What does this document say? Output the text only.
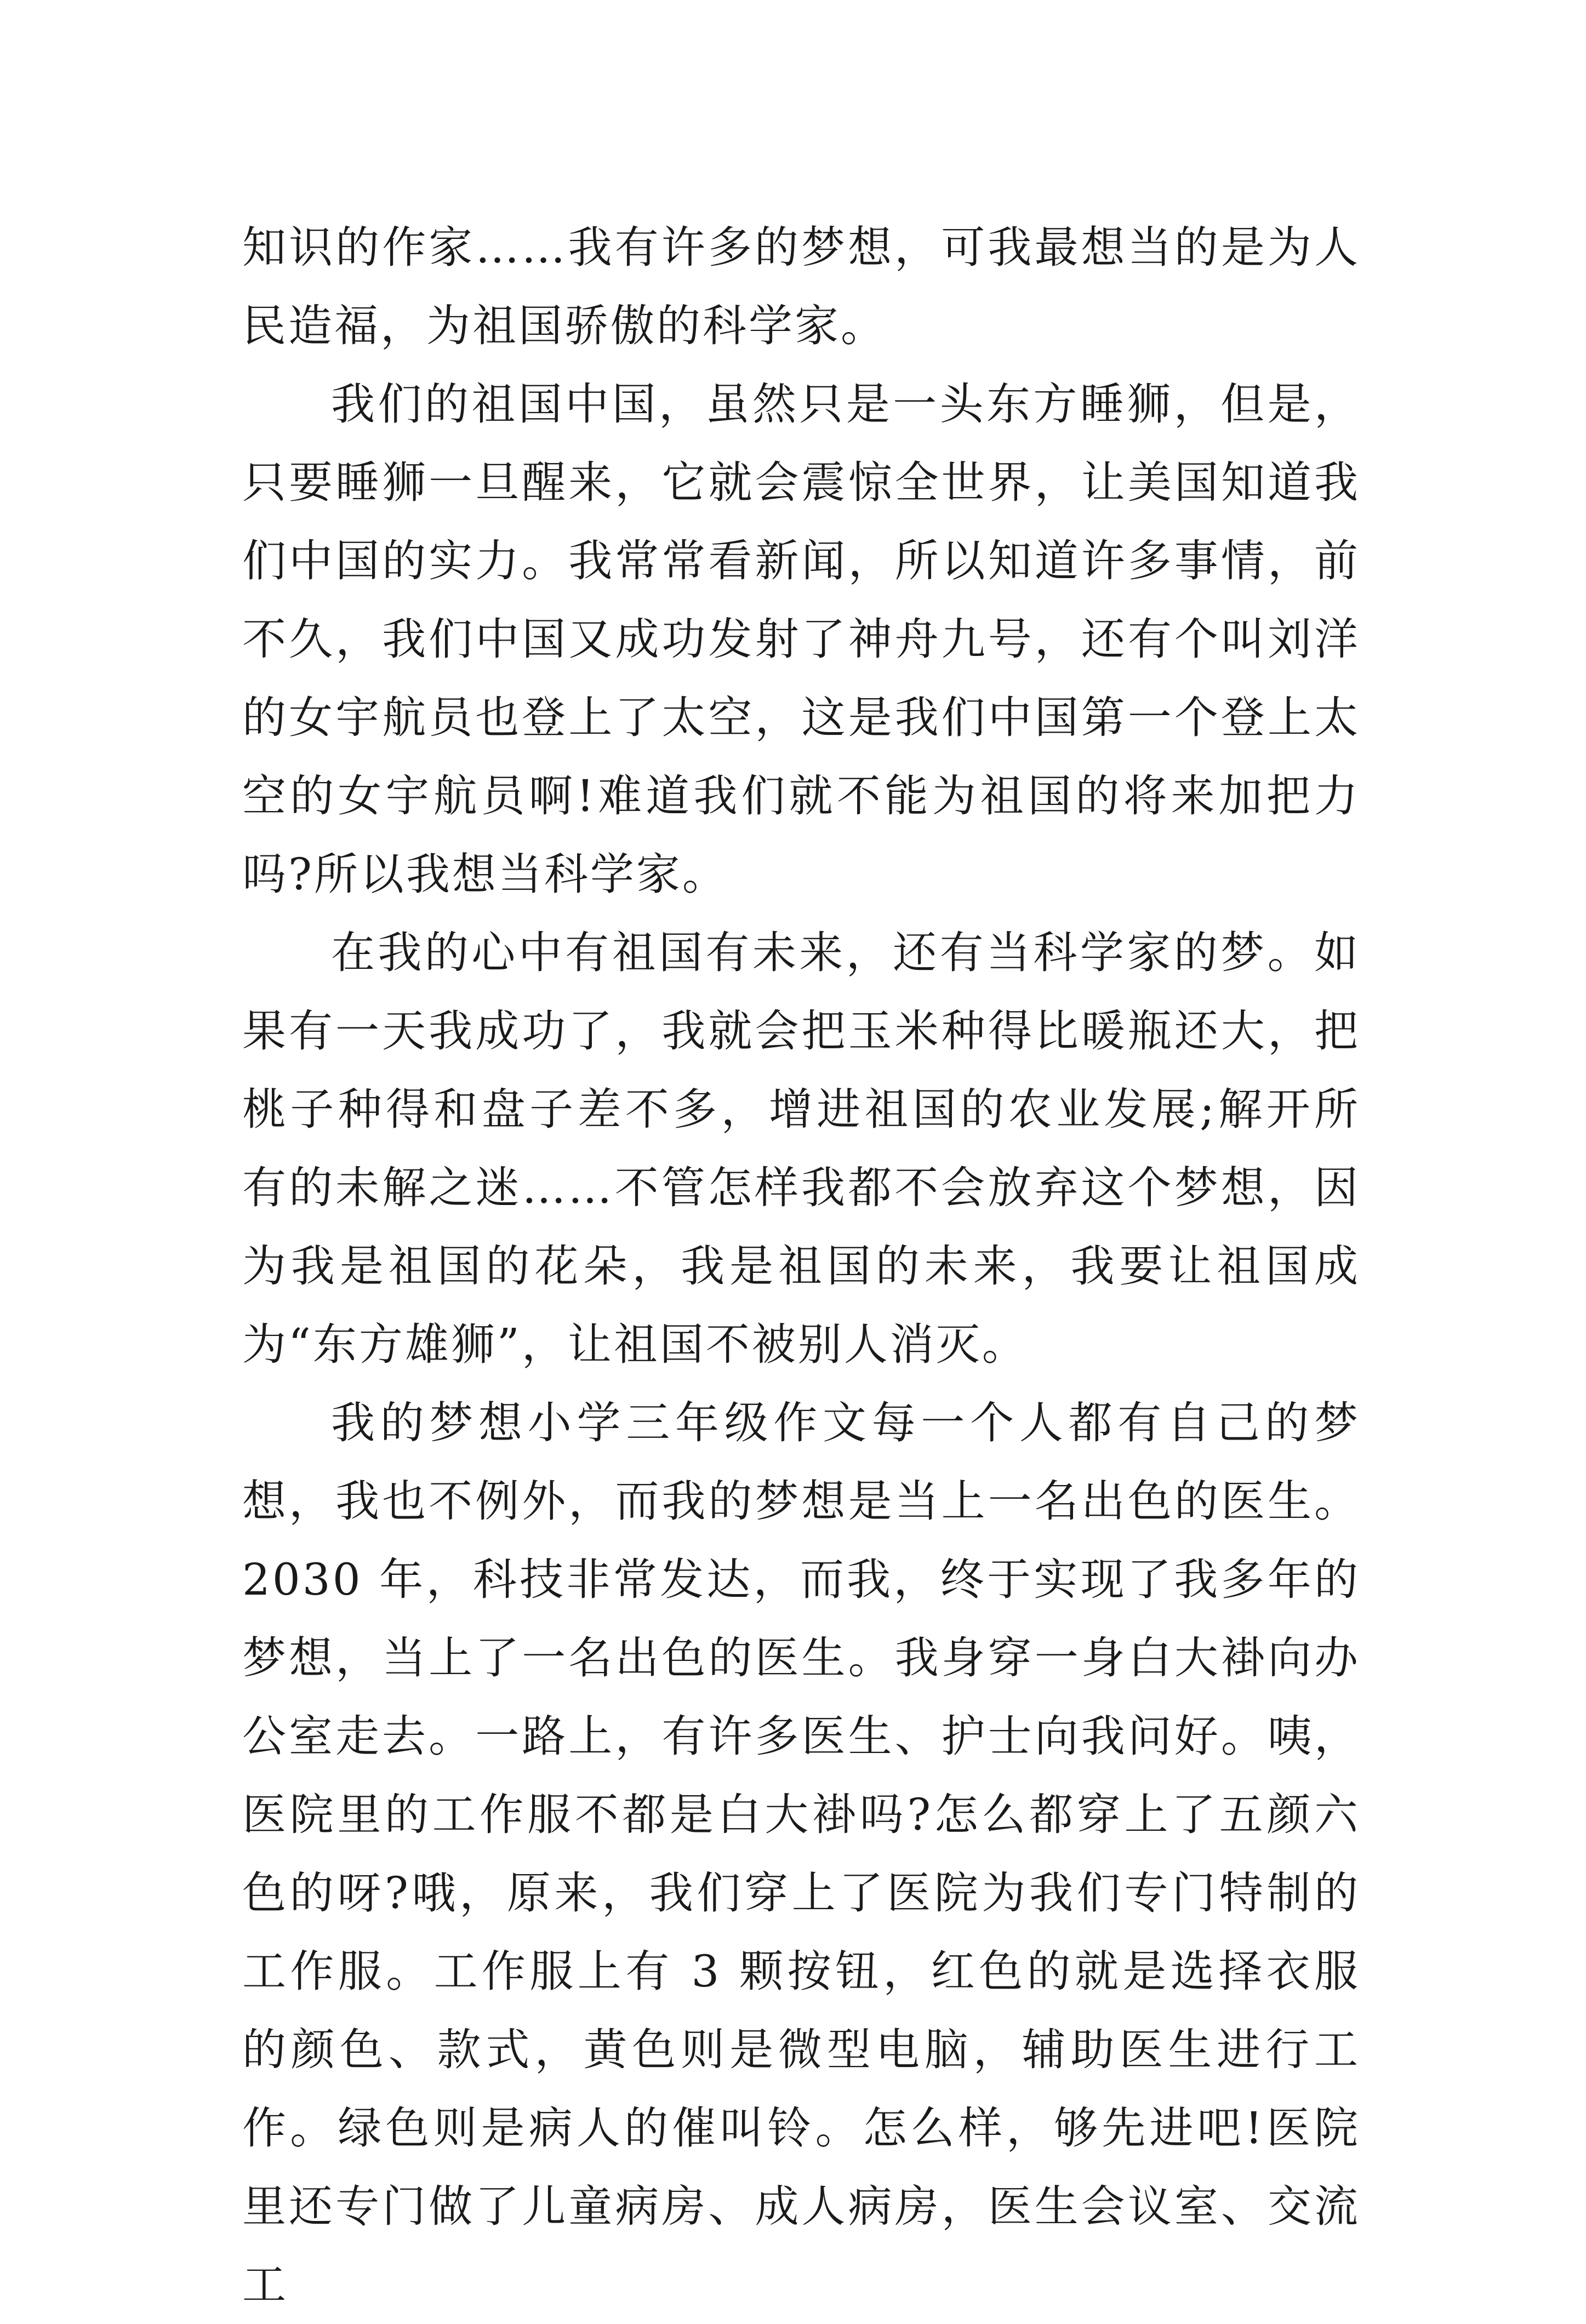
知识的作家……我有许多的梦想，可我最想当的是为人民造福，为祖国骄傲的科学家。

我们的祖国中国，虽然只是一头东方睡狮，但是，只要睡狮一旦醒来，它就会震惊全世界，让美国知道我们中国的实力。我常常看新闻，所以知道许多事情，前不久，我们中国又成功发射了神舟九号，还有个叫刘洋的女宇航员也登上了太空，这是我们中国第一个登上太空的女宇航员啊!难道我们就不能为祖国的将来加把力吗?所以我想当科学家。

在我的心中有祖国有未来，还有当科学家的梦。如果有一天我成功了，我就会把玉米种得比暖瓶还大，把桃子种得和盘子差不多，增进祖国的农业发展;解开所有的未解之迷……不管怎样我都不会放弃这个梦想，因为我是祖国的花朵，我是祖国的未来，我要让祖国成为“东方雄狮”，让祖国不被别人消灭。

我的梦想小学三年级作文每一个人都有自己的梦想，我也不例外，而我的梦想是当上一名出色的医生。2030 年，科技非常发达，而我，终于实现了我多年的梦想，当上了一名出色的医生。我身穿一身白大褂向办公室走去。一路上，有许多医生、护士向我问好。咦，医院里的工作服不都是白大褂吗?怎么都穿上了五颜六色的呀?哦，原来，我们穿上了医院为我们专门特制的工作服。工作服上有 3 颗按钮，红色的就是选择衣服的颜色、款式，黄色则是微型电脑，辅助医生进行工作。绿色则是病人的催叫铃。怎么样，够先进吧!医院里还专门做了儿童病房、成人病房，医生会议室、交流工
